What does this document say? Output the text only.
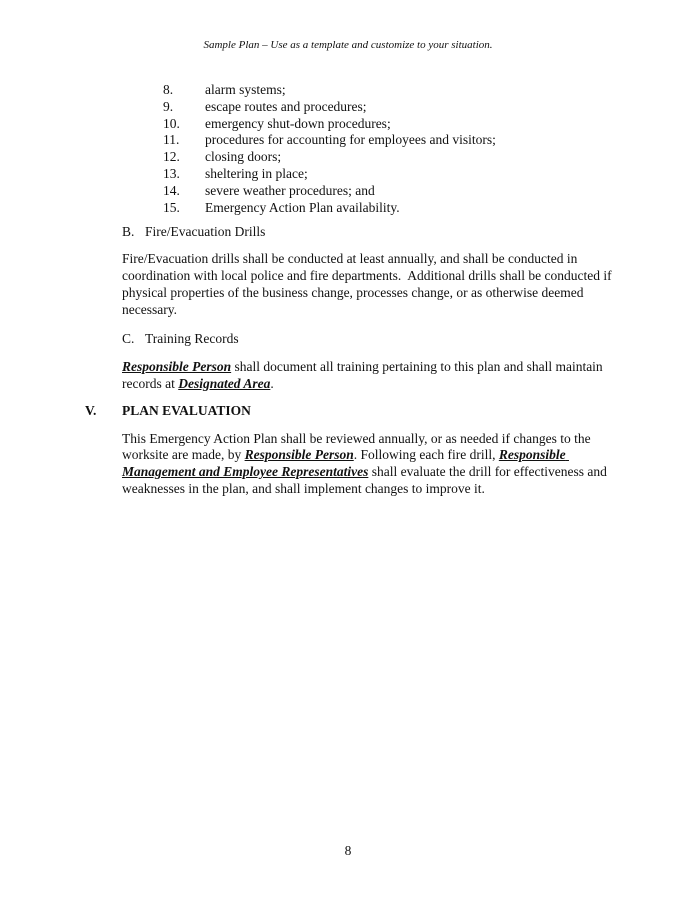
Sample Plan – Use as a template and customize to your situation.
8.	alarm systems;
9.	escape routes and procedures;
10.	emergency shut-down procedures;
11.	procedures for accounting for employees and visitors;
12.	closing doors;
13.	sheltering in place;
14.	severe weather procedures; and
15.	Emergency Action Plan availability.
B. Fire/Evacuation Drills

Fire/Evacuation drills shall be conducted at least annually, and shall be conducted in coordination with local police and fire departments.  Additional drills shall be conducted if physical properties of the business change, processes change, or as otherwise deemed necessary.

C. Training Records

Responsible Person shall document all training pertaining to this plan and shall maintain records at Designated Area.

V. PLAN EVALUATION

This Emergency Action Plan shall be reviewed annually, or as needed if changes to the worksite are made, by Responsible Person. Following each fire drill, Responsible Management and Employee Representatives shall evaluate the drill for effectiveness and weaknesses in the plan, and shall implement changes to improve it.

8
